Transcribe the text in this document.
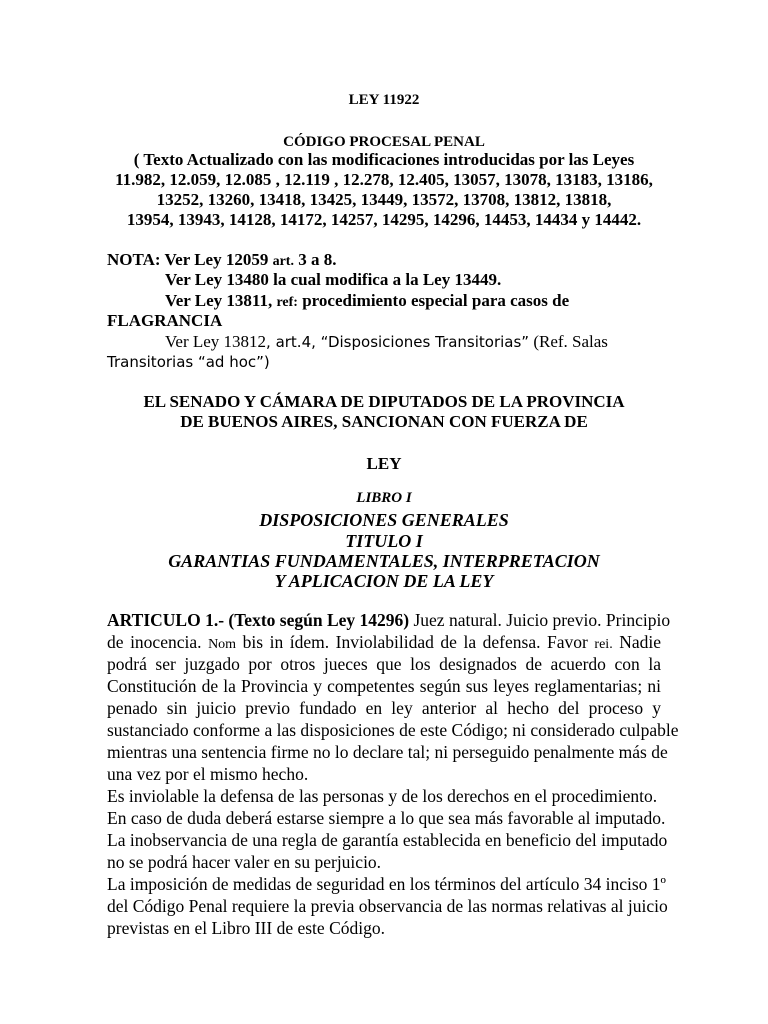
LEY 11922
CÓDIGO PROCESAL PENAL
( Texto Actualizado con las modificaciones introducidas por las Leyes
11.982, 12.059, 12.085 , 12.119 , 12.278, 12.405, 13057, 13078, 13183, 13186,
13252, 13260, 13418, 13425, 13449, 13572, 13708, 13812, 13818,
13954, 13943, 14128, 14172, 14257, 14295, 14296, 14453, 14434 y 14442.
NOTA: Ver Ley 12059 art. 3 a 8.
Ver Ley 13480 la cual modifica a la Ley 13449.
Ver Ley 13811, ref: procedimiento especial para casos de
FLAGRANCIA
Ver Ley 13812, art.4, “Disposiciones Transitorias” (Ref. Salas
Transitorias “ad hoc”)
EL SENADO Y CÁMARA DE DIPUTADOS DE LA PROVINCIA
DE BUENOS AIRES, SANCIONAN CON FUERZA DE
LEY
LIBRO I
DISPOSICIONES GENERALES
TITULO I
GARANTIAS FUNDAMENTALES, INTERPRETACION
Y APLICACION DE LA LEY
ARTICULO 1.- (Texto según Ley 14296) Juez natural. Juicio previo. Principio
de inocencia. Nom bis in ídem. Inviolabilidad de la defensa. Favor rei. Nadie
podrá ser juzgado por otros jueces que los designados de acuerdo con la
Constitución de la Provincia y competentes según sus leyes reglamentarias; ni
penado sin juicio previo fundado en ley anterior al hecho del proceso y
sustanciado conforme a las disposiciones de este Código; ni considerado culpable
mientras una sentencia firme no lo declare tal; ni perseguido penalmente más de
una vez por el mismo hecho.
Es inviolable la defensa de las personas y de los derechos en el procedimiento.
En caso de duda deberá estarse siempre a lo que sea más favorable al imputado.
La inobservancia de una regla de garantía establecida en beneficio del imputado
no se podrá hacer valer en su perjuicio.
La imposición de medidas de seguridad en los términos del artículo 34 inciso 1º
del Código Penal requiere la previa observancia de las normas relativas al juicio
previstas en el Libro III de este Código.
